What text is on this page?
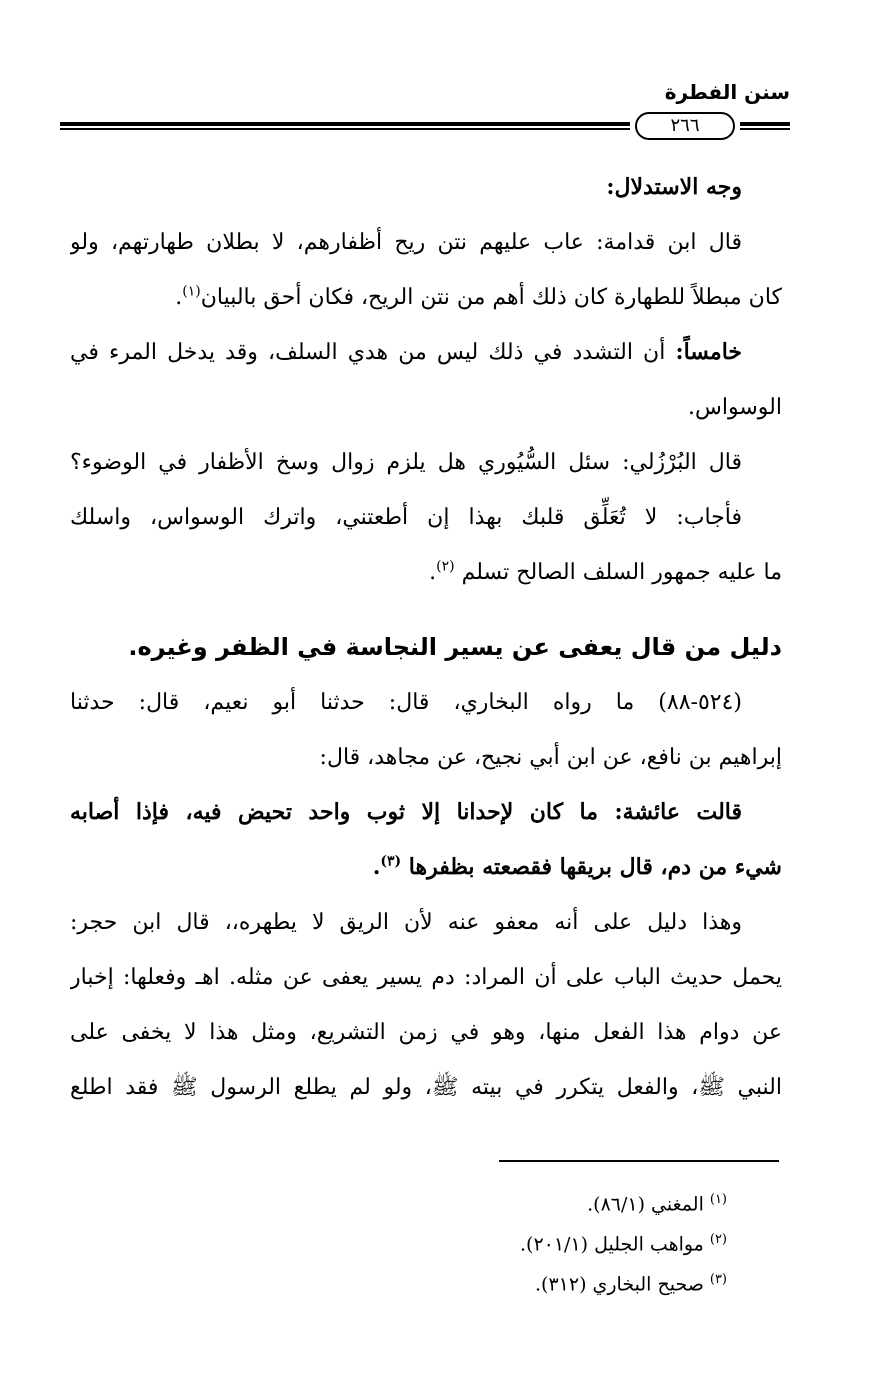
سنن الفطرة
٢٦٦
وجه الاستدلال:
قال ابن قدامة: عاب عليهم نتن ريح أظفارهم، لا بطلان طهارتهم، ولو
كان مبطلاً للطهارة كان ذلك أهم من نتن الريح، فكان أحق بالبيان$^{(١)}$.
خامساً: أن التشدد في ذلك ليس من هدي السلف، وقد يدخل المرء في
الوسواس.
قال البُرْزُلي: سئل السُّيُوري هل يلزم زوال وسخ الأظفار في الوضوء؟
فأجاب: لا تُعَلِّق قلبك بهذا إن أطعتني، واترك الوسواس، واسلك
ما عليه جمهور السلف الصالح تسلم $^{(٢)}$.
دليل من قال يعفى عن يسير النجاسة في الظفر وغيره.
(٥٢٤-٨٨) ما رواه البخاري، قال: حدثنا أبو نعيم، قال: حدثنا
إبراهيم بن نافع، عن ابن أبي نجيح، عن مجاهد، قال:
قالت عائشة: ما كان لإحدانا إلا ثوب واحد تحيض فيه، فإذا أصابه
شيء من دم، قال بريقها فقصعته بظفرها $^{(٣)}$.
وهذا دليل على أنه معفو عنه لأن الريق لا يطهره،، قال ابن حجر:
يحمل حديث الباب على أن المراد: دم يسير يعفى عن مثله. اهـ وفعلها: إخبار
عن دوام هذا الفعل منها، وهو في زمن التشريع، ومثل هذا لا يخفى على
النبي ﷺ، والفعل يتكرر في بيته ﷺ، ولو لم يطلع الرسول ﷺ فقد اطلع
$^{(١)}$المغني (٨٦/١).
$^{(٢)}$مواهب الجليل (٢٠١/١).
$^{(٣)}$صحيح البخاري (٣١٢).
